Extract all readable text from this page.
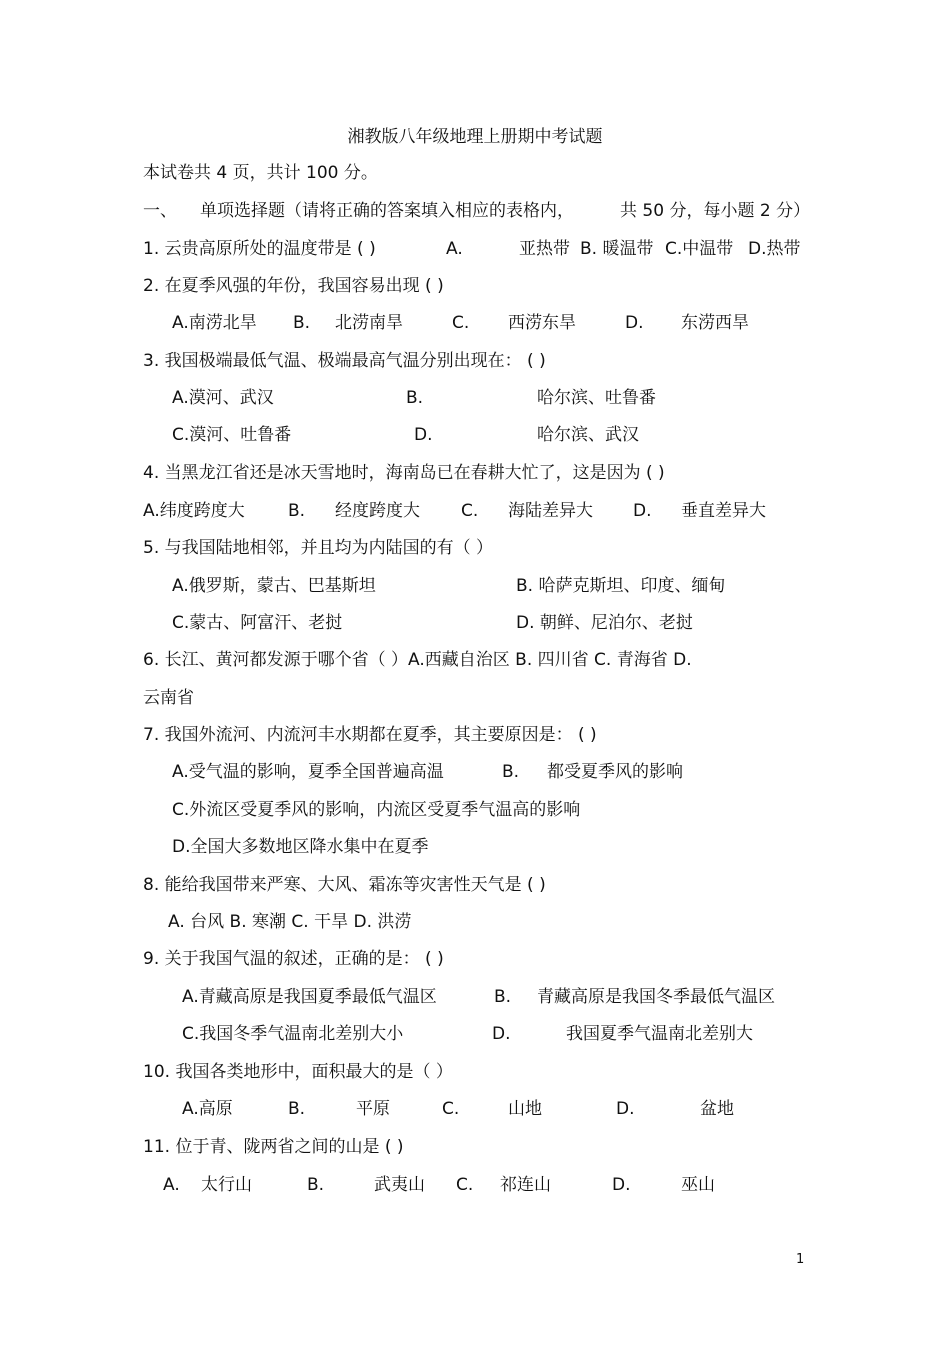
湘教版八年级地理上册期中考试题
本试卷共 4 页，共计 100 分。
一、 单项选择题（请将正确的答案填入相应的表格内，	共 50 分，每小题 2 分）
1. 云贵高原所处的温度带是 ( )	A.	亚热带 B. 暖温带 C.中温带 D.热带
2. 在夏季风强的年份，我国容易出现 ( )
A.南涝北旱 B. 北涝南旱	C. 西涝东旱	D. 东涝西旱
3. 我国极端最低气温、极端最高气温分别出现在： ( )
A.漠河、武汉	B.	哈尔滨、吐鲁番
C.漠河、吐鲁番	D.	哈尔滨、武汉
4. 当黑龙江省还是冰天雪地时，海南岛已在春耕大忙了，这是因为 ( )
A.纬度跨度大	B. 经度跨度大 C. 海陆差异大 D. 垂直差异大
5. 与我国陆地相邻，并且均为内陆国的有（ ）
A.俄罗斯，蒙古、巴基斯坦	B. 哈萨克斯坦、印度、缅甸
C.蒙古、阿富汗、老挝	D. 朝鲜、尼泊尔、老挝
6. 长江、黄河都发源于哪个省（ ）A.西藏自治区 B. 四川省 C. 青海省 D.
云南省
7. 我国外流河、内流河丰水期都在夏季，其主要原因是： ( )
A.受气温的影响，夏季全国普遍高温	B. 都受夏季风的影响
C.外流区受夏季风的影响，内流区受夏季气温高的影响
D.全国大多数地区降水集中在夏季
8. 能给我国带来严寒、大风、霜冻等灾害性天气是 ( )
A. 台风 B. 寒潮 C. 干旱 D. 洪涝
9. 关于我国气温的叙述，正确的是： ( )
A.青藏高原是我国夏季最低气温区	B. 青藏高原是我国冬季最低气温区
C.我国冬季气温南北差别大小	D.	我国夏季气温南北差别大
10. 我国各类地形中，面积最大的是（ ）
A.高原	B.	平原	C.	山地	D.	盆地
11. 位于青、陇两省之间的山是 ( )
A. 太行山	B.	武夷山 C. 祁连山	D.	巫山
1
